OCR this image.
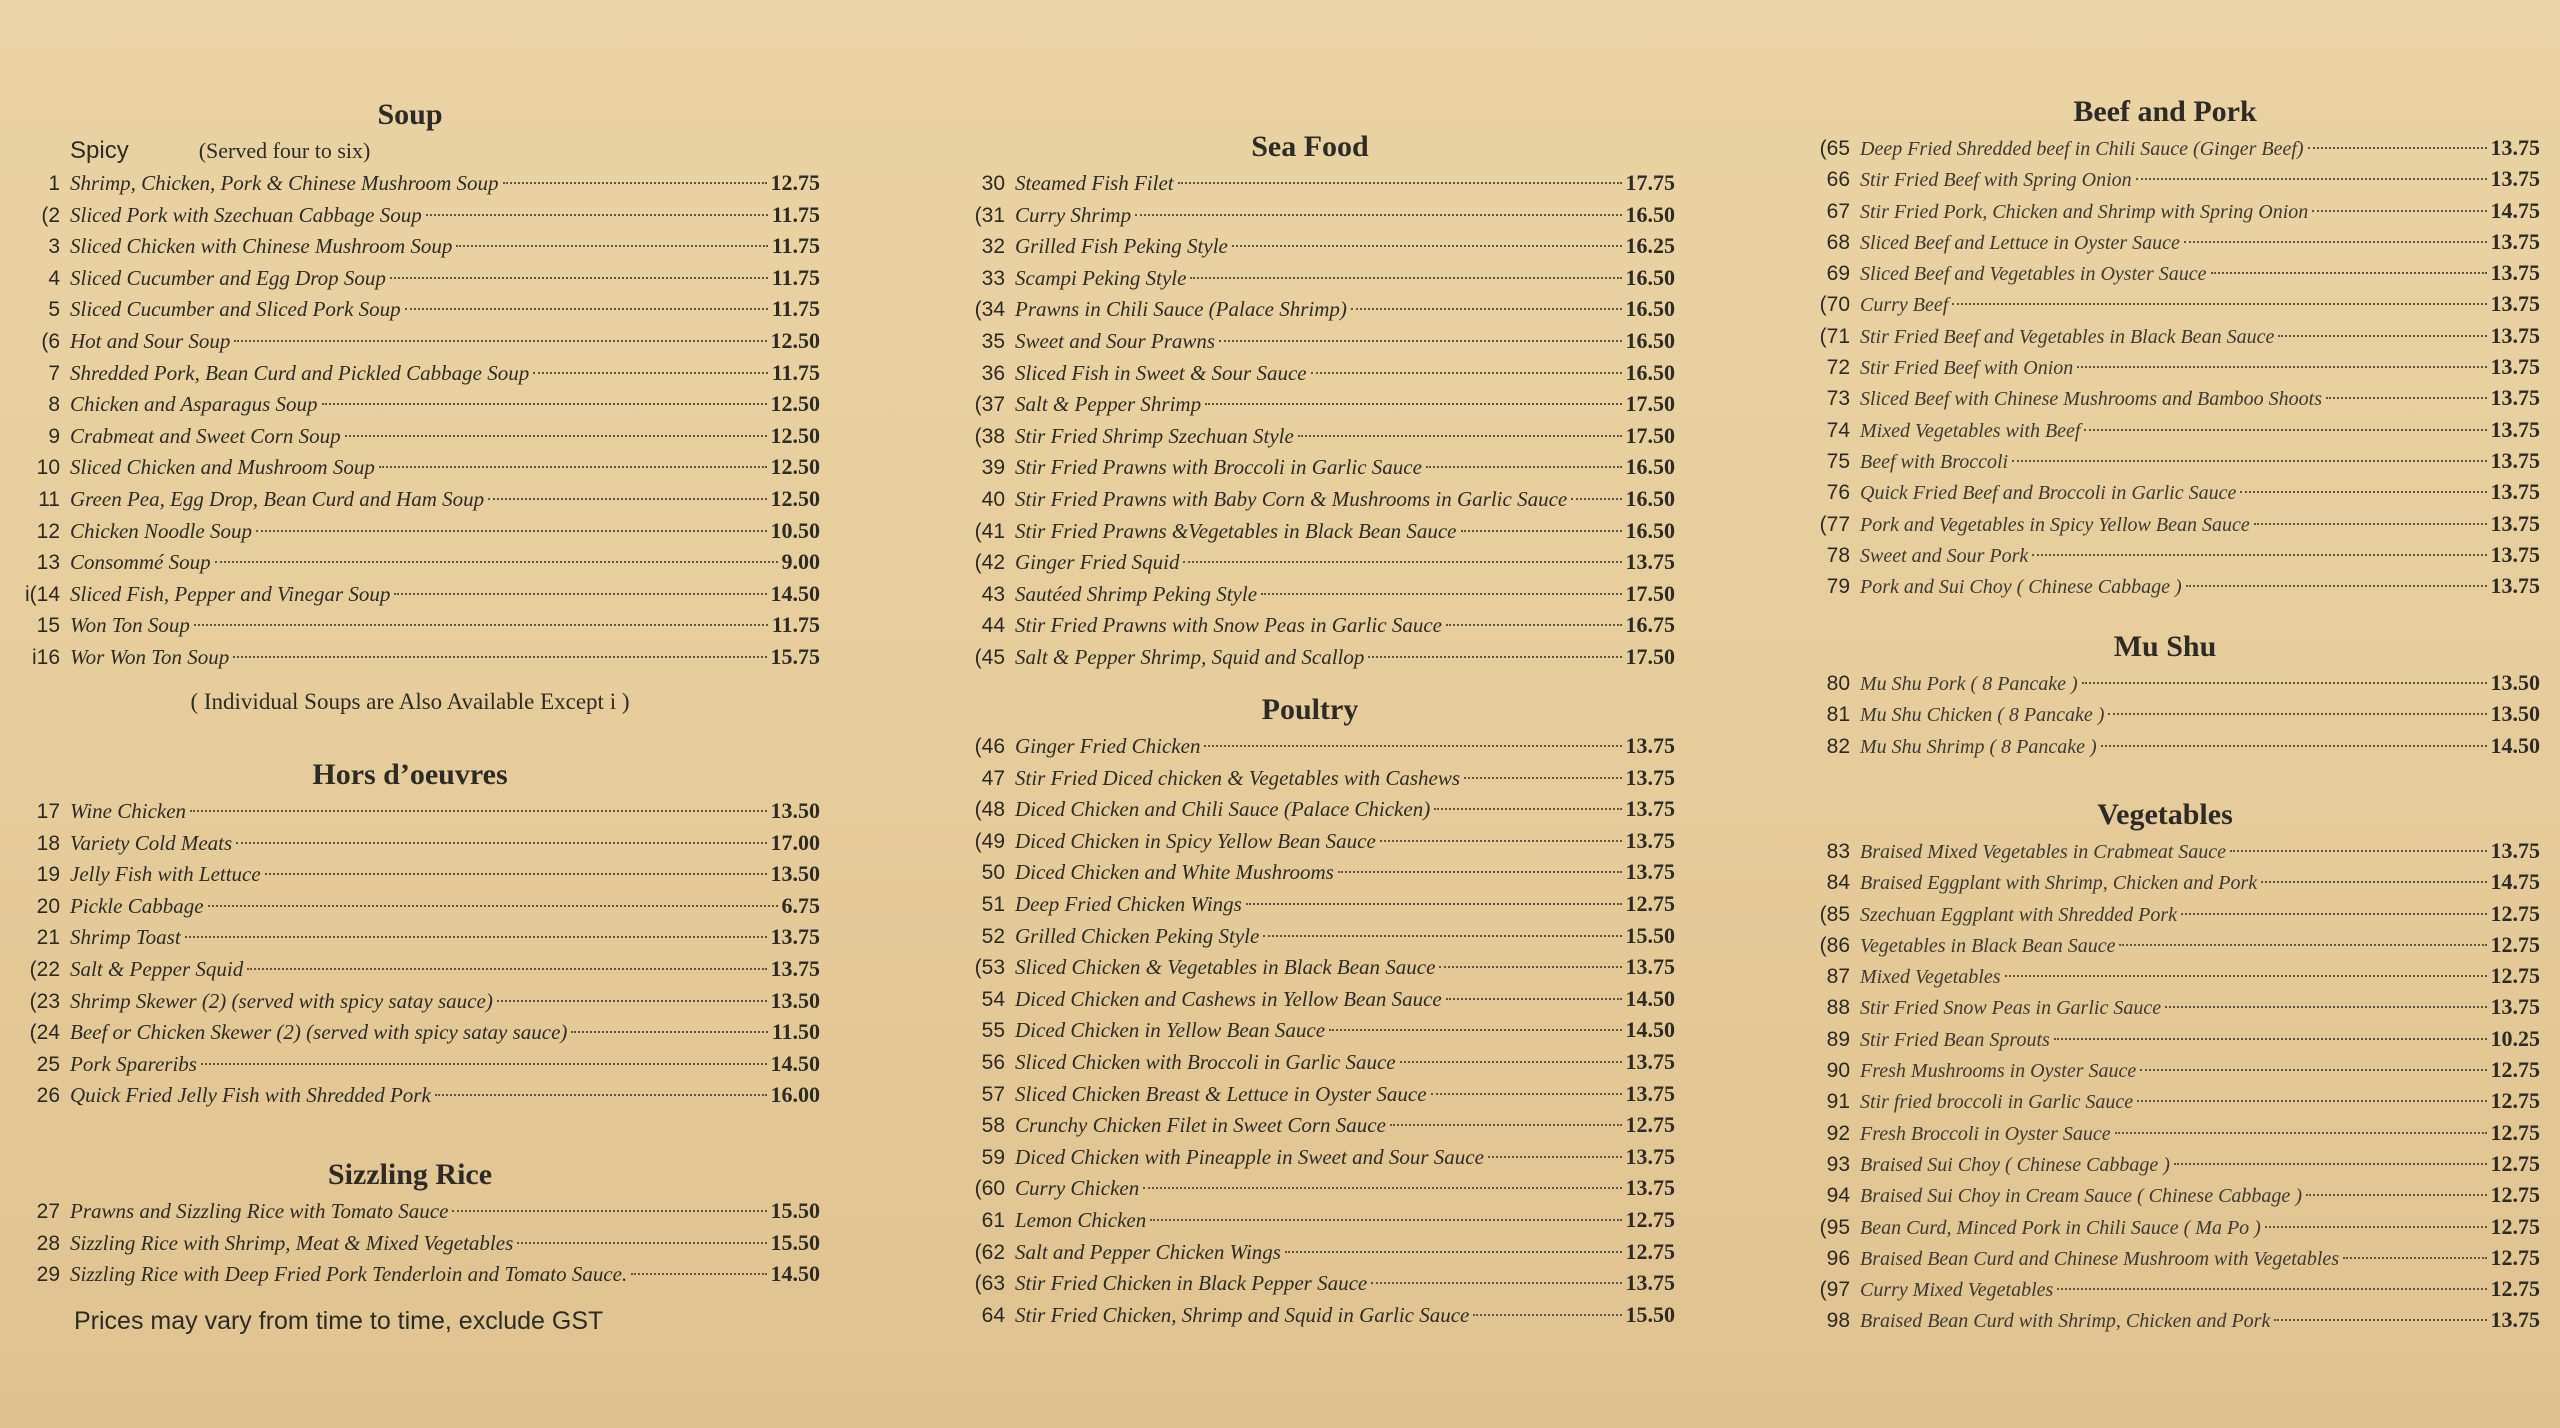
Soup
Spicy	(Served four to six)
1 Shrimp, Chicken, Pork & Chinese Mushroom Soup	12.75
(2 Sliced Pork with Szechuan Cabbage Soup	11.75
3 Sliced Chicken with Chinese Mushroom Soup	11.75
4 Sliced Cucumber and Egg Drop Soup	11.75
5 Sliced Cucumber and Sliced Pork Soup	11.75
(6 Hot and Sour Soup	12.50
7 Shredded Pork, Bean Curd and Pickled Cabbage Soup	11.75
8 Chicken and Asparagus Soup	12.50
9 Crabmeat and Sweet Corn Soup	12.50
10 Sliced Chicken and Mushroom Soup	12.50
11 Green Pea, Egg Drop, Bean Curd and Ham Soup	12.50
12 Chicken Noodle Soup	10.50
13 Consommé Soup	9.00
i(14 Sliced Fish, Pepper and Vinegar Soup	14.50
15 Won Ton Soup	11.75
i16 Wor Won Ton Soup	15.75
( Individual Soups are Also Available Except i )
Hors d’oeuvres
17 Wine Chicken	13.50
18 Variety Cold Meats	17.00
19 Jelly Fish with Lettuce	13.50
20 Pickle Cabbage	6.75
21 Shrimp Toast	13.75
(22 Salt & Pepper Squid	13.75
(23 Shrimp Skewer (2) (served with spicy satay sauce)	13.50
(24 Beef or Chicken Skewer (2) (served with spicy satay sauce)	11.50
25 Pork Spareribs	14.50
26 Quick Fried Jelly Fish with Shredded Pork	16.00
Sizzling Rice
27 Prawns and Sizzling Rice with Tomato Sauce	15.50
28 Sizzling Rice with Shrimp, Meat & Mixed Vegetables	15.50
29 Sizzling Rice with Deep Fried Pork Tenderloin and Tomato Sauce.	14.50
Prices may vary from time to time, exclude GST
Sea Food
30 Steamed Fish Filet	17.75
(31 Curry Shrimp	16.50
32 Grilled Fish Peking Style	16.25
33 Scampi Peking Style	16.50
(34 Prawns in Chili Sauce (Palace Shrimp)	16.50
35 Sweet and Sour Prawns	16.50
36 Sliced Fish in Sweet & Sour Sauce	16.50
(37 Salt & Pepper Shrimp	17.50
(38 Stir Fried Shrimp Szechuan Style	17.50
39 Stir Fried Prawns with Broccoli in Garlic Sauce	16.50
40 Stir Fried Prawns with Baby Corn & Mushrooms in Garlic Sauce	16.50
(41 Stir Fried Prawns &Vegetables in Black Bean Sauce	16.50
(42 Ginger Fried Squid	13.75
43 Sautéed Shrimp Peking Style	17.50
44 Stir Fried Prawns with Snow Peas in Garlic Sauce	16.75
(45 Salt & Pepper Shrimp, Squid and Scallop	17.50
Poultry
(46 Ginger Fried Chicken	13.75
47 Stir Fried Diced chicken & Vegetables with Cashews	13.75
(48 Diced Chicken and Chili Sauce (Palace Chicken)	13.75
(49 Diced Chicken in Spicy Yellow Bean Sauce	13.75
50 Diced Chicken and White Mushrooms	13.75
51 Deep Fried Chicken Wings	12.75
52 Grilled Chicken Peking Style	15.50
(53 Sliced Chicken & Vegetables in Black Bean Sauce	13.75
54 Diced Chicken and Cashews in Yellow Bean Sauce	14.50
55 Diced Chicken in Yellow Bean Sauce	14.50
56 Sliced Chicken with Broccoli in Garlic Sauce	13.75
57 Sliced Chicken Breast & Lettuce in Oyster Sauce	13.75
58 Crunchy Chicken Filet in Sweet Corn Sauce	12.75
59 Diced Chicken with Pineapple in Sweet and Sour Sauce	13.75
(60 Curry Chicken	13.75
61 Lemon Chicken	12.75
(62 Salt and Pepper Chicken Wings	12.75
(63 Stir Fried Chicken in Black Pepper Sauce	13.75
64 Stir Fried Chicken, Shrimp and Squid in Garlic Sauce	15.50
Beef and Pork
(65 Deep Fried Shredded beef in Chili Sauce (Ginger Beef)	13.75
66 Stir Fried Beef with Spring Onion	13.75
67 Stir Fried Pork, Chicken and Shrimp with Spring Onion	14.75
68 Sliced Beef and Lettuce in Oyster Sauce	13.75
69 Sliced Beef and Vegetables in Oyster Sauce	13.75
(70 Curry Beef	13.75
(71 Stir Fried Beef and Vegetables in Black Bean Sauce	13.75
72 Stir Fried Beef with Onion	13.75
73 Sliced Beef with Chinese Mushrooms and Bamboo Shoots	13.75
74 Mixed Vegetables with Beef	13.75
75 Beef with Broccoli	13.75
76 Quick Fried Beef and Broccoli in Garlic Sauce	13.75
(77 Pork and Vegetables in Spicy Yellow Bean Sauce	13.75
78 Sweet and Sour Pork	13.75
79 Pork and Sui Choy ( Chinese Cabbage )	13.75
Mu Shu
80 Mu Shu Pork ( 8 Pancake )	13.50
81 Mu Shu Chicken ( 8 Pancake )	13.50
82 Mu Shu Shrimp ( 8 Pancake )	14.50
Vegetables
83 Braised Mixed Vegetables in Crabmeat Sauce	13.75
84 Braised Eggplant with Shrimp, Chicken and Pork	14.75
(85 Szechuan Eggplant with Shredded Pork	12.75
(86 Vegetables in Black Bean Sauce	12.75
87 Mixed Vegetables	12.75
88 Stir Fried Snow Peas in Garlic Sauce	13.75
89 Stir Fried Bean Sprouts	10.25
90 Fresh Mushrooms in Oyster Sauce	12.75
91 Stir fried broccoli in Garlic Sauce	12.75
92 Fresh Broccoli in Oyster Sauce	12.75
93 Braised Sui Choy ( Chinese Cabbage )	12.75
94 Braised Sui Choy in Cream Sauce ( Chinese Cabbage )	12.75
(95 Bean Curd, Minced Pork in Chili Sauce ( Ma Po )	12.75
96 Braised Bean Curd and Chinese Mushroom with Vegetables	12.75
(97 Curry Mixed Vegetables	12.75
98 Braised Bean Curd with Shrimp, Chicken and Pork	13.75
